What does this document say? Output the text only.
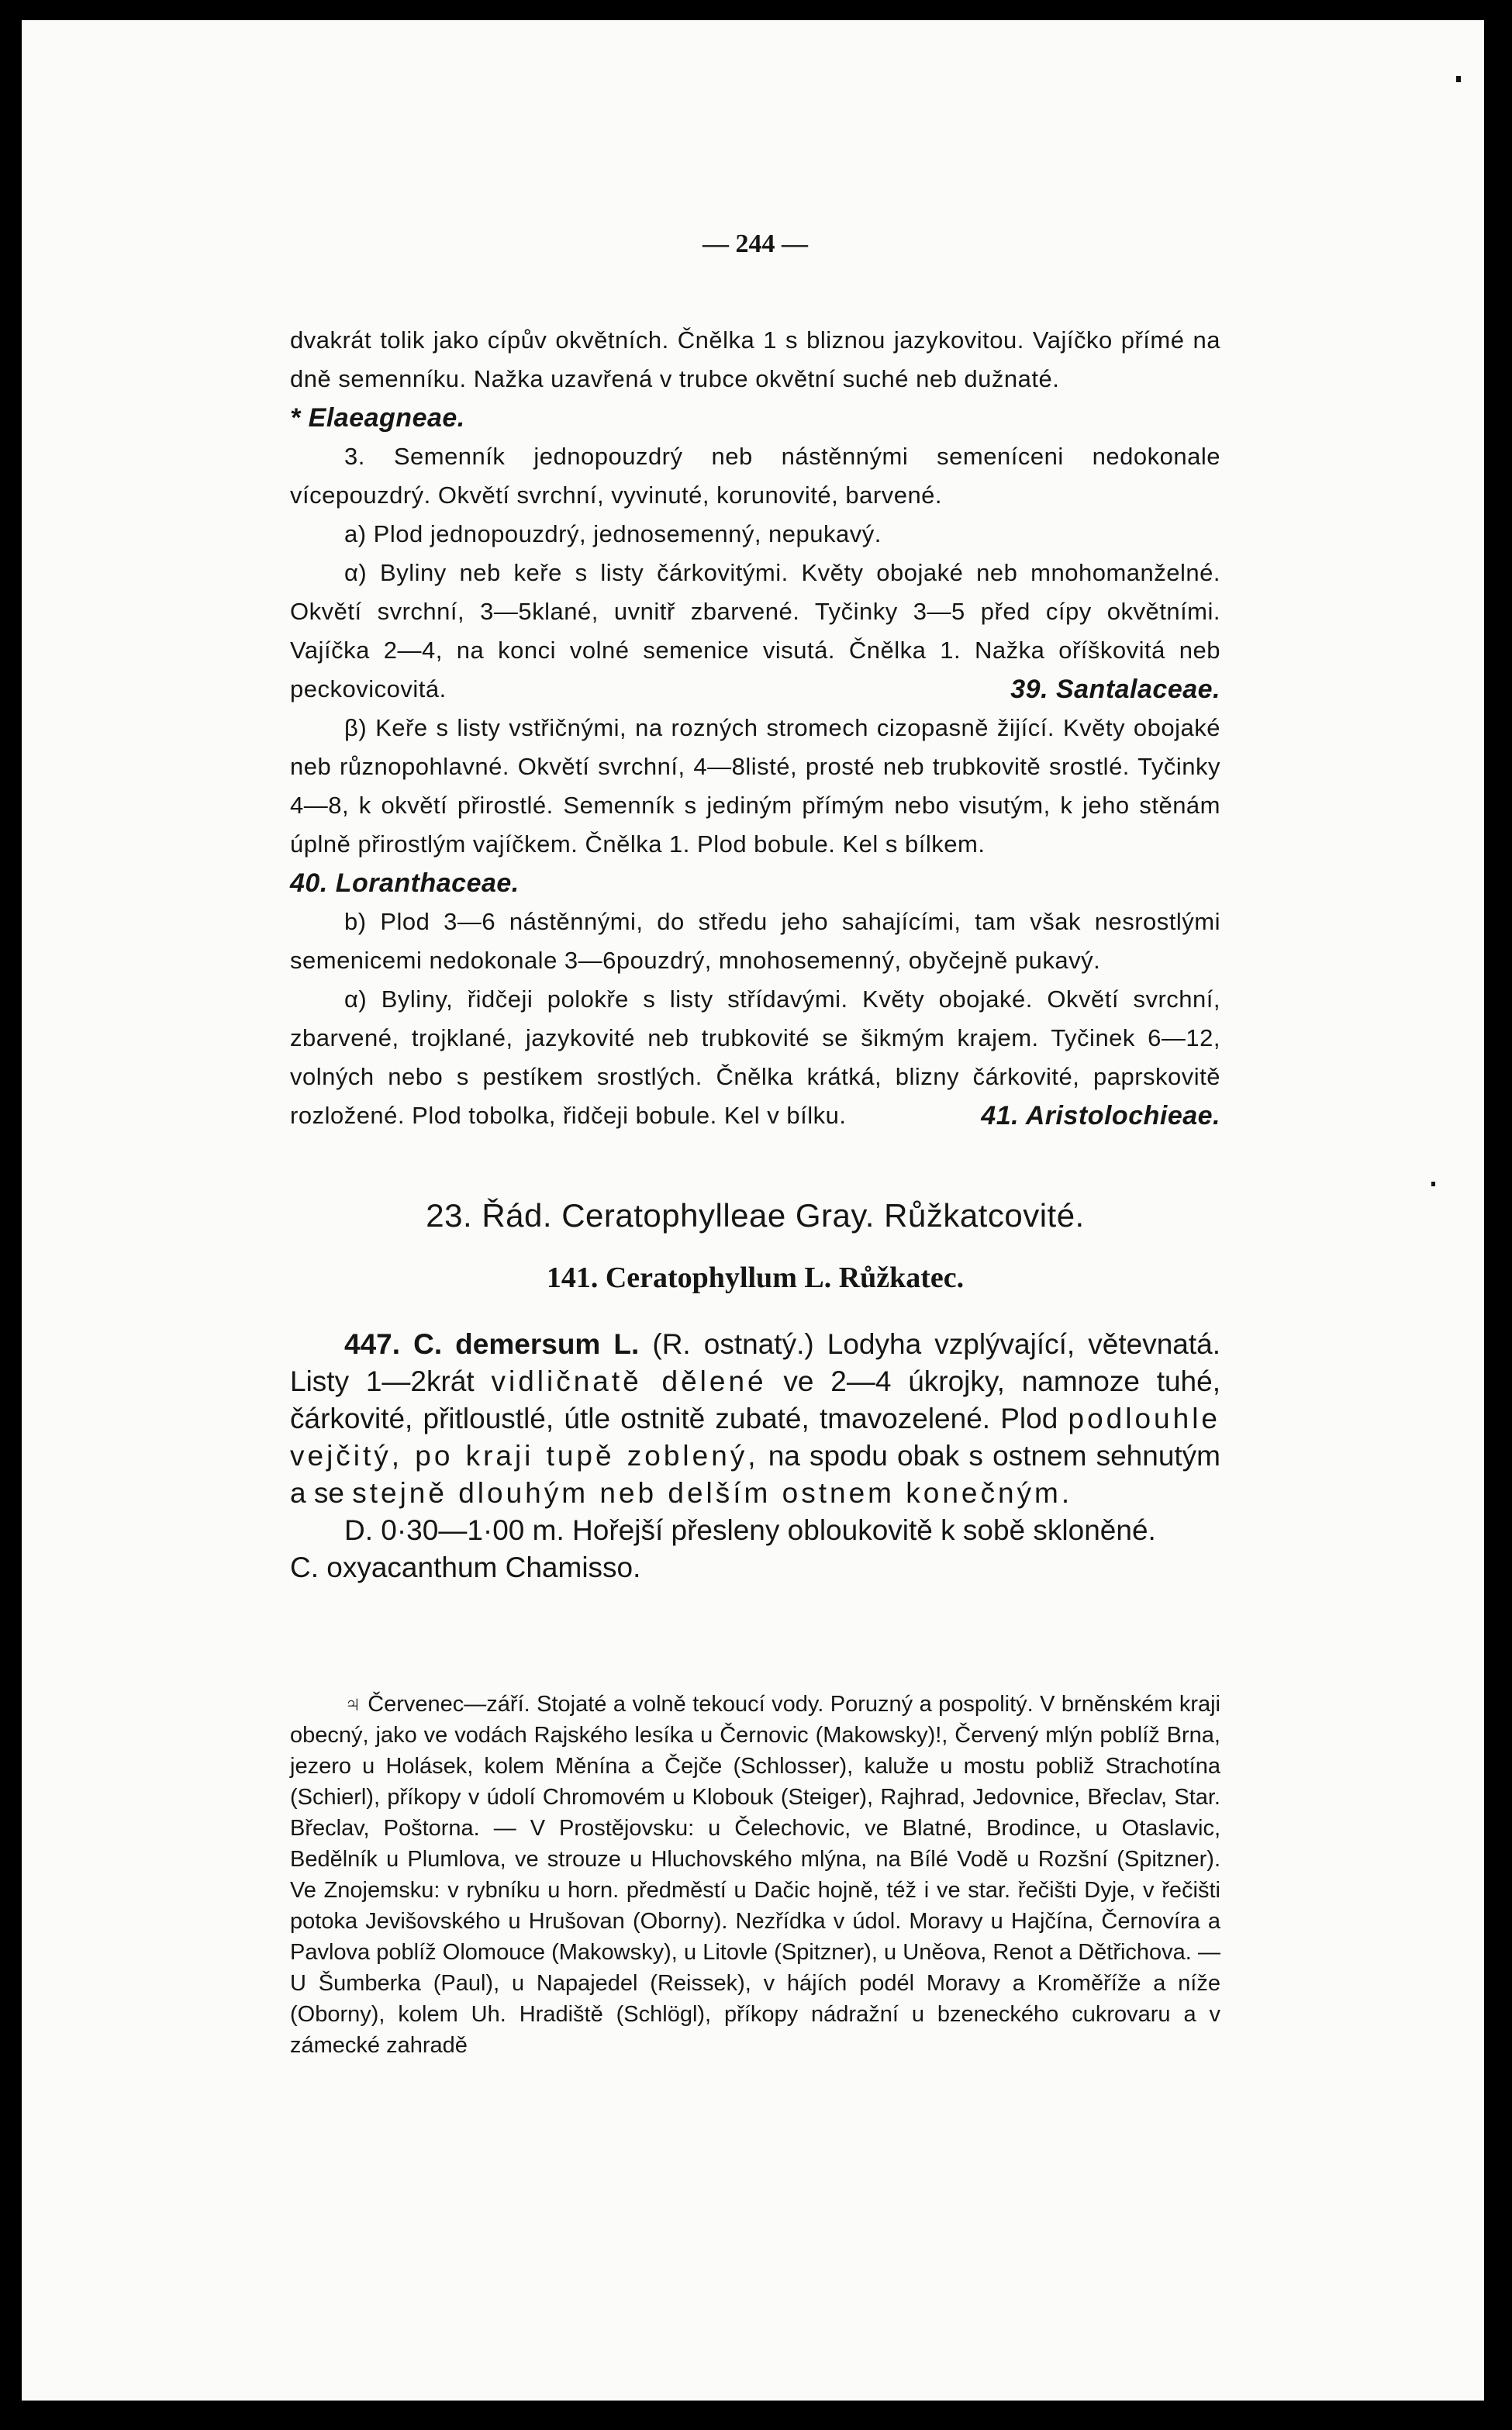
— 244 —

dvakrát tolik jako cípův okvětních. Čnělka 1 s bliznou jazykovitou. Vajíčko přímé na dně semenníku. Nažka uzavřená v trubce okvětní suché neb dužnaté.

* Elaeagneae.

3. Semenník jednopouzdrý neb nástěnnými semeníceni nedokonale vícepouzdrý. Okvětí svrchní, vyvinuté, korunovité, barvené.

a) Plod jednopouzdrý, jednosemenný, nepukavý.

α) Byliny neb keře s listy čárkovitými. Květy obojaké neb mnohomanželné. Okvětí svrchní, 3—5klané, uvnitř zbarvené. Tyčinky 3—5 před cípy okvětními. Vajíčka 2—4, na konci volné semenice visutá. Čnělka 1. Nažka oříškovitá neb peckovicovitá.	39. Santalaceae.

β) Keře s listy vstřičnými, na rozných stromech cizopasně žijící. Květy obojaké neb různopohlavné. Okvětí svrchní, 4—8listé, prosté neb trubkovitě srostlé. Tyčinky 4—8, k okvětí přirostlé. Semenník s jediným přímým nebo visutým, k jeho stěnám úplně přirostlým vajíčkem. Čnělka 1. Plod bobule. Kel s bílkem.

40. Loranthaceae.

b) Plod 3—6 nástěnnými, do středu jeho sahajícími, tam však nesrostlými semenicemi nedokonale 3—6pouzdrý, mnohosemenný, obyčejně pukavý.

α) Byliny, řidčeji polokře s listy střídavými. Květy obojaké. Okvětí svrchní, zbarvené, trojklané, jazykovité neb trubkovité se šikmým krajem. Tyčinek 6—12, volných nebo s pestíkem srostlých. Čnělka krátká, blizny čárkovité, paprskovitě rozložené. Plod tobolka, řidčeji bobule. Kel v bílku.	41. Aristolochieae.

23. Řád. Ceratophylleae Gray. Růžkatcovité.
141. Ceratophyllum L. Růžkatec.

447. C. demersum L. (R. ostnatý.) Lodyha vzplývající, větevnatá. Listy 1—2krát vidličnatě dělené ve 2—4 úkrojky, namnoze tuhé, čárkovité, přitloustlé, útle ostnitě zubaté, tmavozelené. Plod podlouhle vejčitý, po kraji tupě zoblený, na spodu obak s ostnem sehnutým a se stejně dlouhým neb delším ostnem konečným.

D. 0·30—1·00 m. Hořejší přesleny obloukovitě k sobě skloněné.

C. oxyacanthum Chamisso.

♃ Červenec—září. Stojaté a volně tekoucí vody. Poruzný a pospolitý. V brněnském kraji obecný, jako ve vodách Rajského lesíka u Černovic (Makowsky)!, Červený mlýn poblíž Brna, jezero u Holásek, kolem Měnína a Čejče (Schlosser), kaluže u mostu pobliž Strachotína (Schierl), příkopy v údolí Chromovém u Klobouk (Steiger), Rajhrad, Jedovnice, Břeclav, Star. Břeclav, Poštorna. — V Prostějovsku: u Čelechovic, ve Blatné, Brodince, u Otaslavic, Bedělník u Plumlova, ve strouze u Hluchovského mlýna, na Bílé Vodě u Rozšní (Spitzner). Ve Znojemsku: v rybníku u horn. předměstí u Dačic hojně, též i ve star. řečišti Dyje, v řečišti potoka Jevišovského u Hrušovan (Oborny). Nezřídka v údol. Moravy u Hajčína, Černovíra a Pavlova poblíž Olomouce (Makowsky), u Litovle (Spitzner), u Uněova, Renot a Dětřichova. — U Šumberka (Paul), u Napajedel (Reissek), v hájích podél Moravy a Kroměříže a níže (Oborny), kolem Uh. Hradiště (Schlögl), příkopy nádražní u bzeneckého cukrovaru a v zámecké zahradě
